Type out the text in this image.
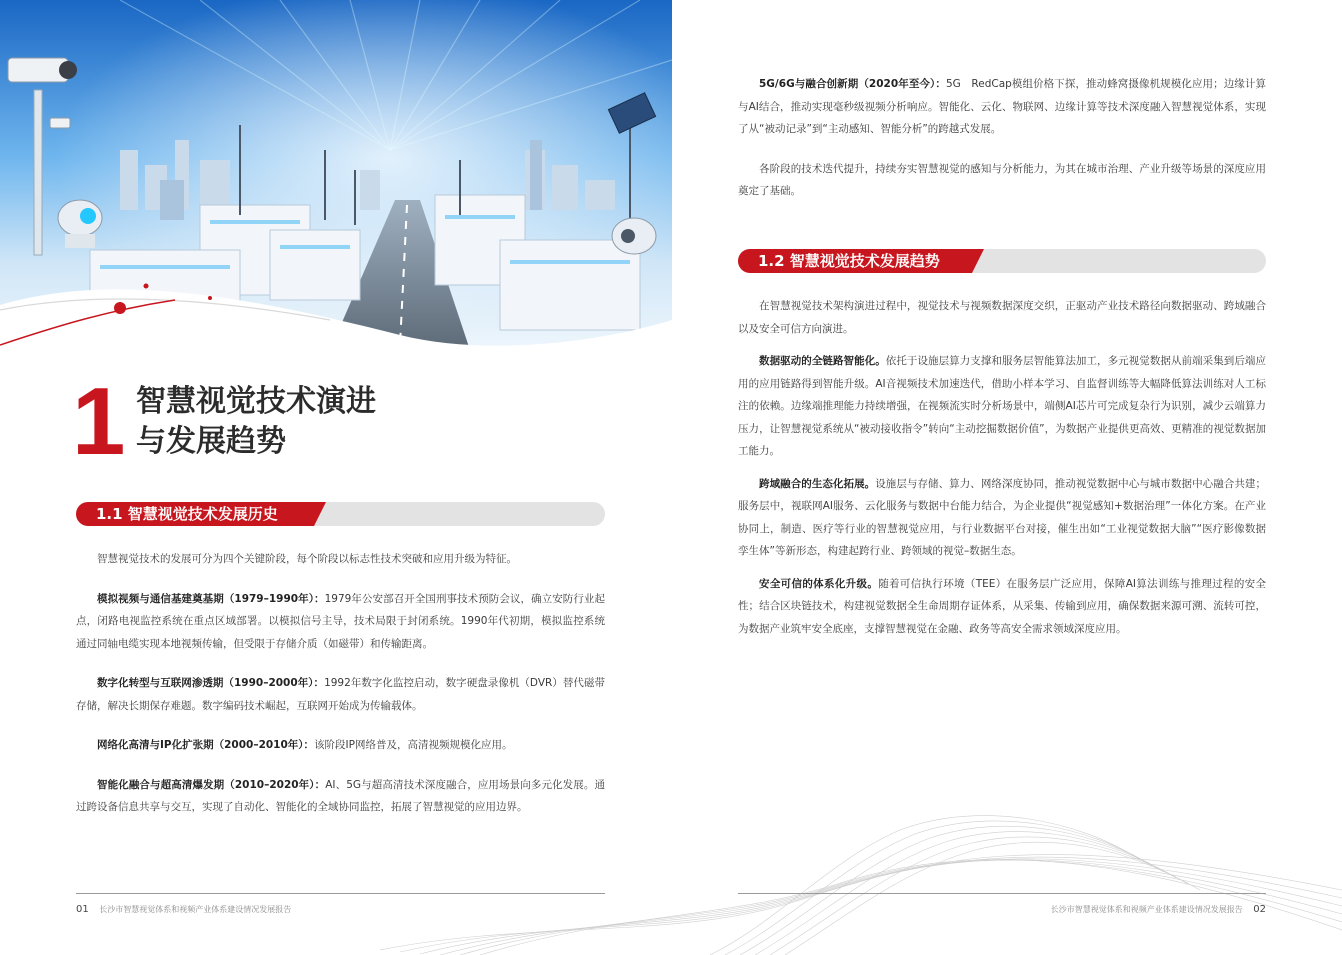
1 智慧视觉技术演进
与发展趋势
1.1 智慧视觉技术发展历史

智慧视觉技术的发展可分为四个关键阶段，每个阶段以标志性技术突破和应用升级为特征。

模拟视频与通信基建奠基期（1979–1990年）：1979年公安部召开全国刑事技术预防会议，确立安防行业起点，闭路电视监控系统在重点区域部署。以模拟信号主导，技术局限于封闭系统。1990年代初期，模拟监控系统通过同轴电缆实现本地视频传输，但受限于存储介质（如磁带）和传输距离。

数字化转型与互联网渗透期（1990–2000年）：1992年数字化监控启动，数字硬盘录像机（DVR）替代磁带存储，解决长期保存难题。数字编码技术崛起，互联网开始成为传输载体。

网络化高清与IP化扩张期（2000–2010年）：该阶段IP网络普及，高清视频规模化应用。

智能化融合与超高清爆发期（2010–2020年）：AI、5G与超高清技术深度融合，应用场景向多元化发展。通过跨设备信息共享与交互，实现了自动化、智能化的全域协同监控，拓展了智慧视觉的应用边界。

01 长沙市智慧视觉体系和视频产业体系建设情况发展报告

5G/6G与融合创新期（2020年至今）：5G　RedCap模组价格下探，推动蜂窝摄像机规模化应用；边缘计算与AI结合，推动实现毫秒级视频分析响应。智能化、云化、物联网、边缘计算等技术深度融入智慧视觉体系，实现了从“被动记录”到“主动感知、智能分析”的跨越式发展。

各阶段的技术迭代提升，持续夯实智慧视觉的感知与分析能力，为其在城市治理、产业升级等场景的深度应用奠定了基础。

1.2 智慧视觉技术发展趋势

在智慧视觉技术架构演进过程中，视觉技术与视频数据深度交织，正驱动产业技术路径向数据驱动、跨域融合以及安全可信方向演进。

数据驱动的全链路智能化。依托于设施层算力支撑和服务层智能算法加工，多元视觉数据从前端采集到后端应用的应用链路得到智能升级。AI音视频技术加速迭代，借助小样本学习、自监督训练等大幅降低算法训练对人工标注的依赖。边缘端推理能力持续增强，在视频流实时分析场景中，端侧AI芯片可完成复杂行为识别，减少云端算力压力，让智慧视觉系统从“被动接收指令”转向“主动挖掘数据价值”，为数据产业提供更高效、更精准的视觉数据加工能力。

跨域融合的生态化拓展。设施层与存储、算力、网络深度协同，推动视觉数据中心与城市数据中心融合共建；服务层中，视联网AI服务、云化服务与数据中台能力结合，为企业提供“视觉感知+数据治理”一体化方案。在产业协同上，制造、医疗等行业的智慧视觉应用，与行业数据平台对接，催生出如“工业视觉数据大脑”“医疗影像数据孪生体”等新形态，构建起跨行业、跨领域的视觉–数据生态。

安全可信的体系化升级。随着可信执行环境（TEE）在服务层广泛应用，保障AI算法训练与推理过程的安全性；结合区块链技术，构建视觉数据全生命周期存证体系，从采集、传输到应用，确保数据来源可溯、流转可控，为数据产业筑牢安全底座，支撑智慧视觉在金融、政务等高安全需求领域深度应用。

长沙市智慧视觉体系和视频产业体系建设情况发展报告 02
